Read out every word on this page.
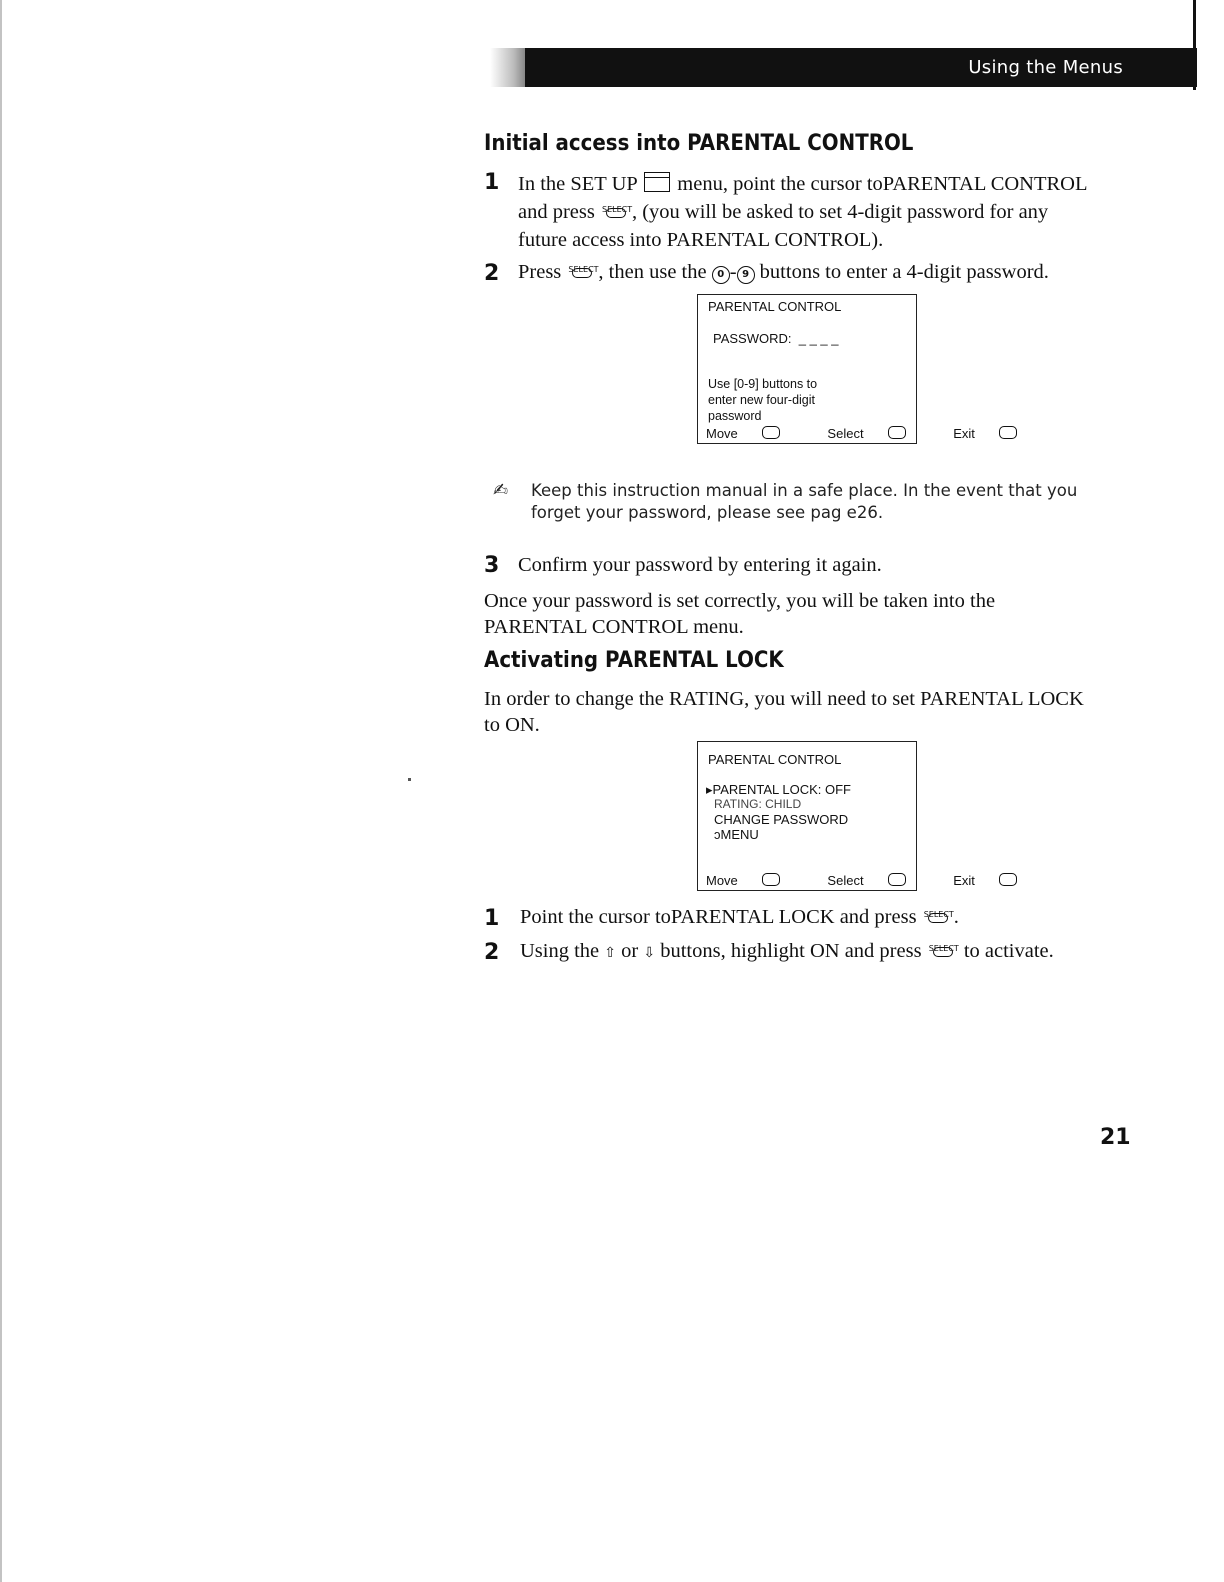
Using the Menus
Initial access into PARENTAL CONTROL
1 In the SET UP menu, point the cursor toPARENTAL CONTROL
and press SELECT , (you will be asked to set 4-digit password for any
future access into PARENTAL CONTROL).
2 Press SELECT , then use the 0 - 9 buttons to enter a 4-digit password.
PARENTAL CONTROL
PASSWORD: _ _ _ _
Use [0-9] buttons to
enter new four-digit
password
Move	Select	Exit
✍ Keep this instruction manual in a safe place. In the event that you forget your password, please see pag e26.
3 Confirm your password by entering it again.
Once your password is set correctly, you will be taken into the
PARENTAL CONTROL menu.
Activating PARENTAL LOCK
In order to change the RATING, you will need to set PARENTAL LOCK
to ON.
PARENTAL CONTROL
▸PARENTAL LOCK: OFF
RATING: CHILD
CHANGE PASSWORD
ↄMENU
Move	Select	Exit
1 Point the cursor toPARENTAL LOCK and press SELECT .
2 Using the ⇧ or ⇩ buttons, highlight ON and press SELECT to activate.
21
